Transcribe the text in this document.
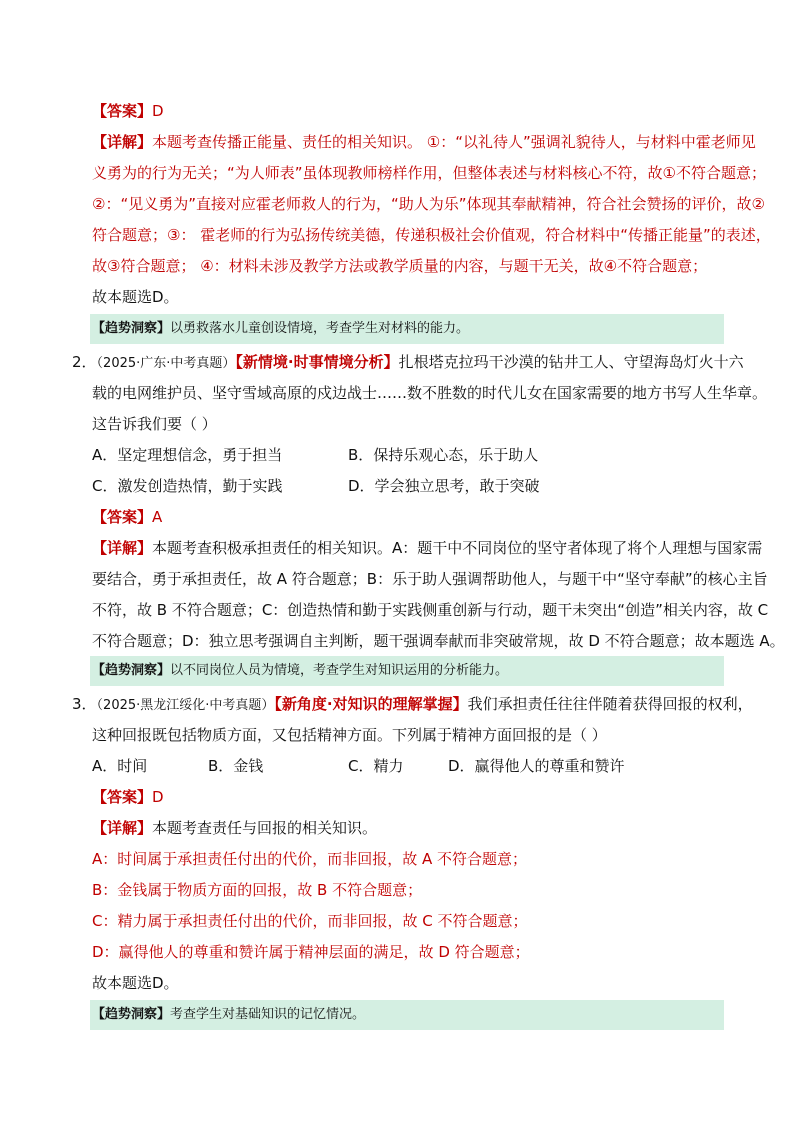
【答案】D
【详解】本题考查传播正能量、责任的相关知识。 ①：“以礼待人”强调礼貌待人，与材料中霍老师见
义勇为的行为无关；“为人师表”虽体现教师榜样作用，但整体表述与材料核心不符，故①不符合题意；
②：“见义勇为”直接对应霍老师救人的行为，“助人为乐”体现其奉献精神，符合社会赞扬的评价，故②
符合题意；③： 霍老师的行为弘扬传统美德，传递积极社会价值观，符合材料中“传播正能量”的表述，
故③符合题意； ④：材料未涉及教学方法或教学质量的内容，与题干无关，故④不符合题意；
故本题选D。
【趋势洞察】以勇救落水儿童创设情境，考查学生对材料的能力。
2．（2025·广东·中考真题）【新情境·时事情境分析】扎根塔克拉玛干沙漠的钻井工人、守望海岛灯火十六
载的电网维护员、坚守雪域高原的戍边战士……数不胜数的时代儿女在国家需要的地方书写人生华章。
这告诉我们要（ ）
A．坚定理想信念，勇于担当	B．保持乐观心态，乐于助人
C．激发创造热情，勤于实践	D．学会独立思考，敢于突破
【答案】A
【详解】本题考查积极承担责任的相关知识。A：题干中不同岗位的坚守者体现了将个人理想与国家需
要结合，勇于承担责任，故 A 符合题意；B：乐于助人强调帮助他人，与题干中“坚守奉献”的核心主旨
不符，故 B 不符合题意；C：创造热情和勤于实践侧重创新与行动，题干未突出“创造”相关内容，故 C
不符合题意；D：独立思考强调自主判断，题干强调奉献而非突破常规，故 D 不符合题意；故本题选 A。
【趋势洞察】以不同岗位人员为情境，考查学生对知识运用的分析能力。
3．（2025·黑龙江绥化·中考真题）【新角度·对知识的理解掌握】我们承担责任往往伴随着获得回报的权利，
这种回报既包括物质方面，又包括精神方面。下列属于精神方面回报的是（ ）
A．时间	B．金钱	C．精力	D．赢得他人的尊重和赞许
【答案】D
【详解】本题考查责任与回报的相关知识。
A：时间属于承担责任付出的代价，而非回报，故 A 不符合题意；
B：金钱属于物质方面的回报，故 B 不符合题意；
C：精力属于承担责任付出的代价，而非回报，故 C 不符合题意；
D：赢得他人的尊重和赞许属于精神层面的满足，故 D 符合题意；
故本题选D。
【趋势洞察】考查学生对基础知识的记忆情况。
